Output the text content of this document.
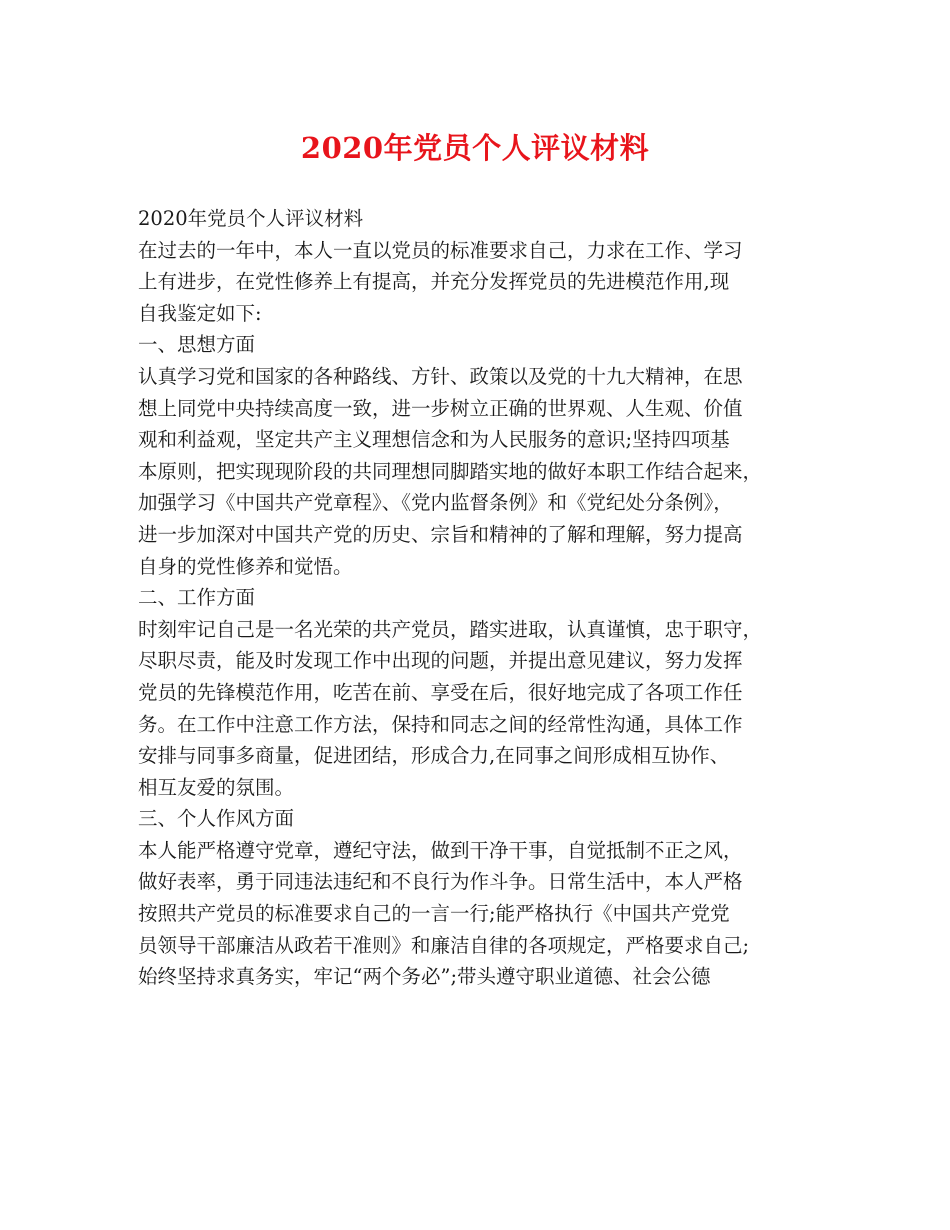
2020年党员个人评议材料
2020年党员个人评议材料
在过去的一年中，本人一直以党员的标准要求自己，力求在工作、学习
上有进步，在党性修养上有提高，并充分发挥党员的先进模范作用,现
自我鉴定如下:
一、思想方面
认真学习党和国家的各种路线、方针、政策以及党的十九大精神，在思
想上同党中央持续高度一致，进一步树立正确的世界观、人生观、价值
观和利益观，坚定共产主义理想信念和为人民服务的意识;坚持四项基
本原则，把实现现阶段的共同理想同脚踏实地的做好本职工作结合起来，
加强学习《中国共产党章程》、《党内监督条例》和《党纪处分条例》，
进一步加深对中国共产党的历史、宗旨和精神的了解和理解，努力提高
自身的党性修养和觉悟。
二、工作方面
时刻牢记自己是一名光荣的共产党员，踏实进取，认真谨慎，忠于职守，
尽职尽责，能及时发现工作中出现的问题，并提出意见建议，努力发挥
党员的先锋模范作用，吃苦在前、享受在后，很好地完成了各项工作任
务。在工作中注意工作方法，保持和同志之间的经常性沟通，具体工作
安排与同事多商量，促进团结，形成合力,在同事之间形成相互协作、
相互友爱的氛围。
三、个人作风方面
本人能严格遵守党章，遵纪守法，做到干净干事，自觉抵制不正之风，
做好表率，勇于同违法违纪和不良行为作斗争。日常生活中，本人严格
按照共产党员的标准要求自己的一言一行;能严格执行《中国共产党党
员领导干部廉洁从政若干准则》和廉洁自律的各项规定，严格要求自己;
始终坚持求真务实，牢记“两个务必”;带头遵守职业道德、社会公德
